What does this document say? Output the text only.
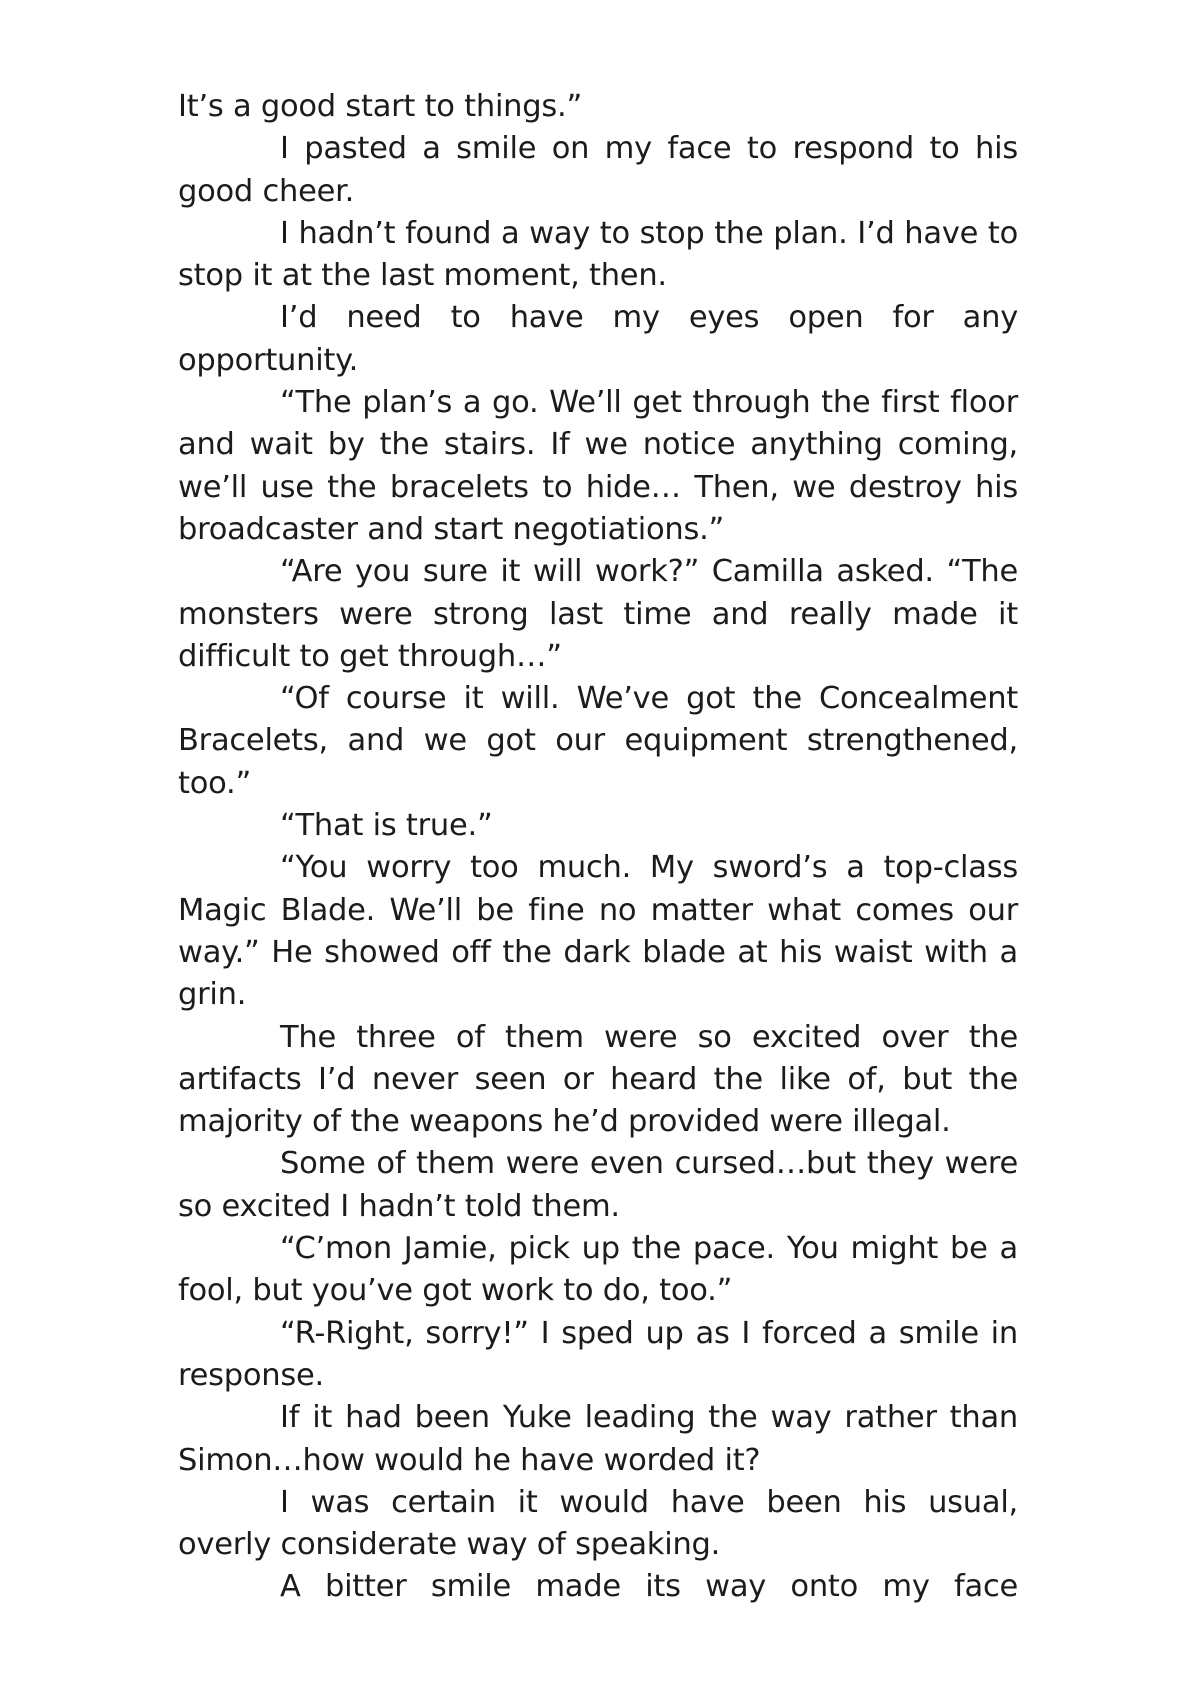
It’s a good start to things.”

I pasted a smile on my face to respond to his good cheer.

I hadn’t found a way to stop the plan. I’d have to stop it at the last moment, then.

I’d need to have my eyes open for any opportunity.

“The plan’s a go. We’ll get through the first floor and wait by the stairs. If we notice anything coming, we’ll use the bracelets to hide… Then, we destroy his broadcaster and start negotiations.”

“Are you sure it will work?” Camilla asked. “The monsters were strong last time and really made it difficult to get through…”

“Of course it will. We’ve got the Concealment Bracelets, and we got our equipment strengthened, too.”

“That is true.”

“You worry too much. My sword’s a top-class Magic Blade. We’ll be fine no matter what comes our way.” He showed off the dark blade at his waist with a grin.

The three of them were so excited over the artifacts I’d never seen or heard the like of, but the majority of the weapons he’d provided were illegal.

Some of them were even cursed…but they were so excited I hadn’t told them.

“C’mon Jamie, pick up the pace. You might be a fool, but you’ve got work to do, too.”

“R-Right, sorry!” I sped up as I forced a smile in response.

If it had been Yuke leading the way rather than Simon…how would he have worded it?

I was certain it would have been his usual, overly considerate way of speaking.

A bitter smile made its way onto my face
